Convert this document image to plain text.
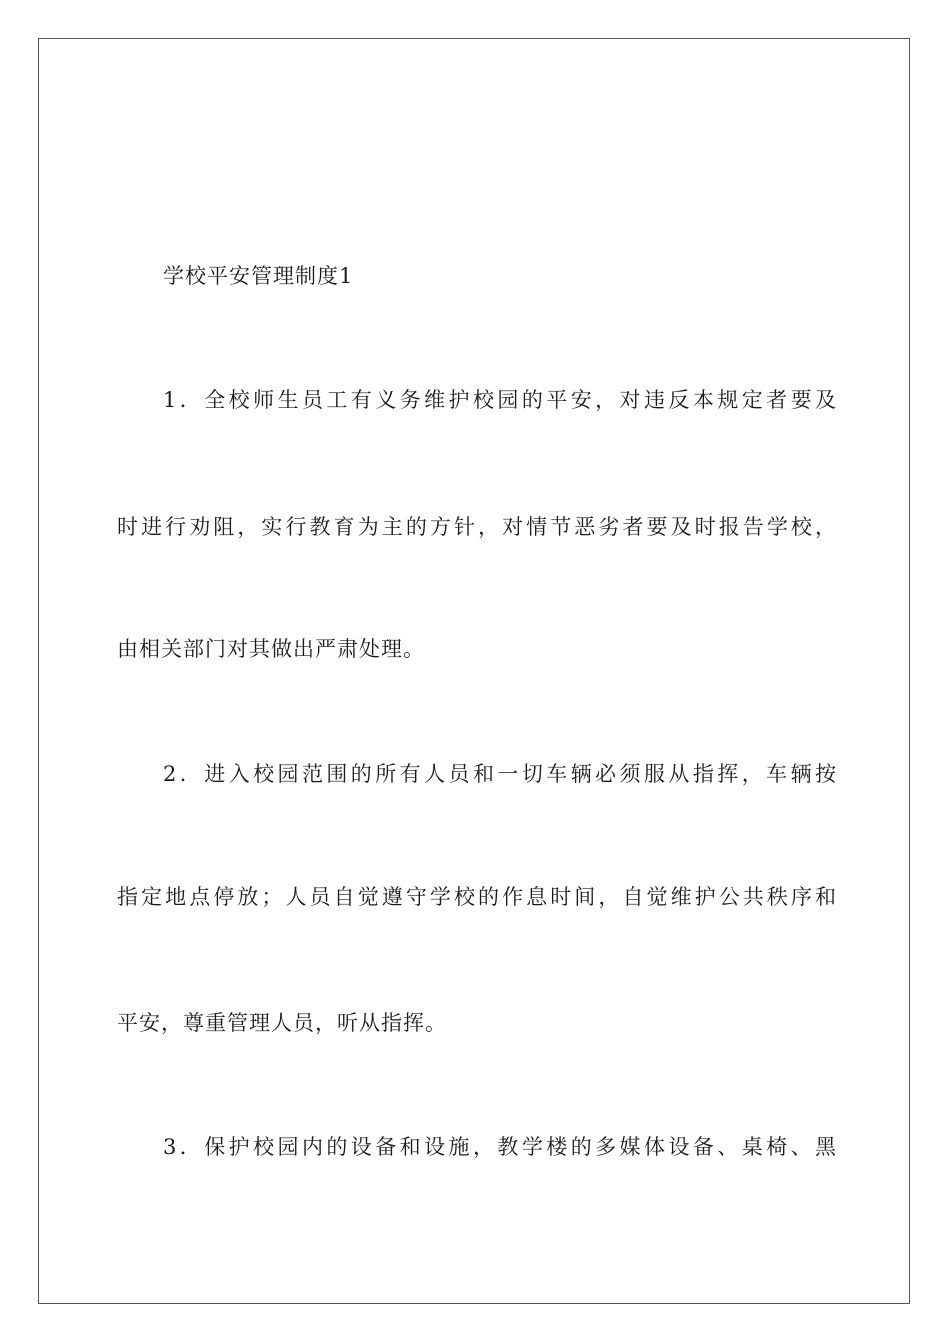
学校平安管理制度1

1．全校师生员工有义务维护校园的平安，对违反本规定者要及

时进行劝阻，实行教育为主的方针，对情节恶劣者要及时报告学校，

由相关部门对其做出严肃处理。

2．进入校园范围的所有人员和一切车辆必须服从指挥，车辆按

指定地点停放；人员自觉遵守学校的作息时间，自觉维护公共秩序和

平安，尊重管理人员，听从指挥。

3．保护校园内的设备和设施，教学楼的多媒体设备、桌椅、黑
